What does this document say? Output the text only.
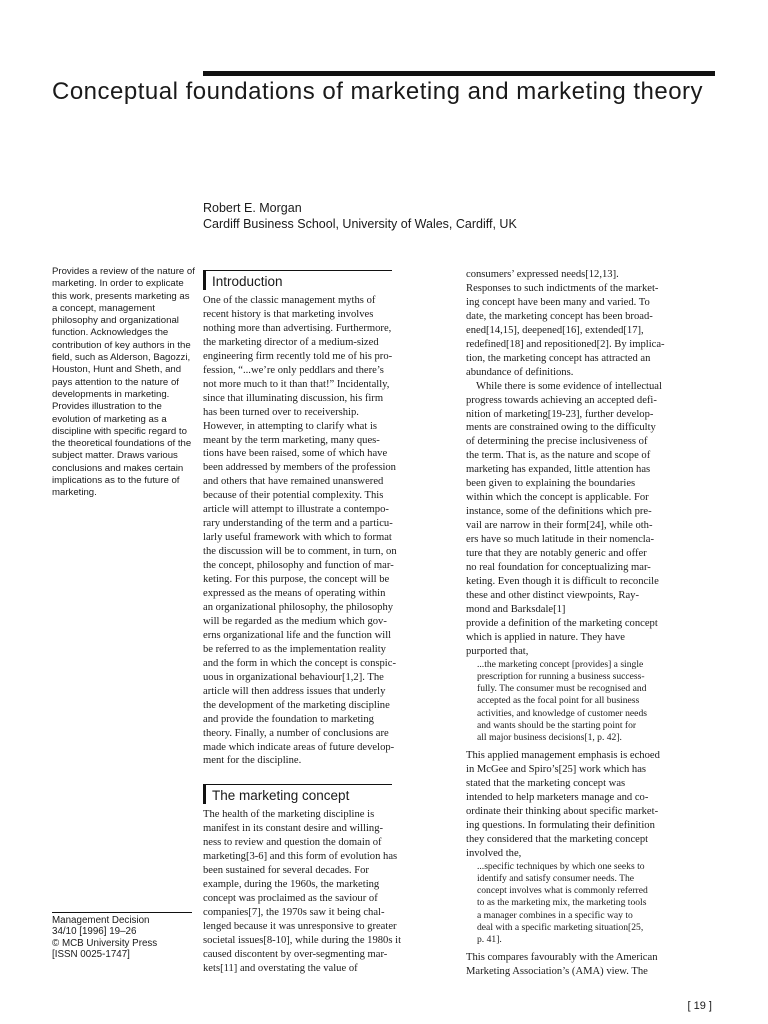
Conceptual foundations of marketing and marketing theory
Robert E. Morgan
Cardiff Business School, University of Wales, Cardiff, UK

Provides a review of the nature of marketing. In order to explicate this work, presents marketing as a concept, management philosophy and organizational function. Acknowledges the contribution of key authors in the field, such as Alderson, Bagozzi, Houston, Hunt and Sheth, and pays attention to the nature of developments in marketing. Provides illustration to the evolution of marketing as a discipline with specific regard to the theoretical foundations of the subject matter. Draws various conclusions and makes certain implications as to the future of marketing.

Introduction
One of the classic management myths of
recent history is that marketing involves
nothing more than advertising. Furthermore,
the marketing director of a medium-sized
engineering firm recently told me of his pro-
fession, “...we’re only peddlars and there’s
not more much to it than that!” Incidentally,
since that illuminating discussion, his firm
has been turned over to receivership.
However, in attempting to clarify what is
meant by the term marketing, many ques-
tions have been raised, some of which have
been addressed by members of the profession
and others that have remained unanswered
because of their potential complexity. This
article will attempt to illustrate a contempo-
rary understanding of the term and a particu-
larly useful framework with which to format
the discussion will be to comment, in turn, on
the concept, philosophy and function of mar-
keting. For this purpose, the concept will be
expressed as the means of operating within
an organizational philosophy, the philosophy
will be regarded as the medium which gov-
erns organizational life and the function will
be referred to as the implementation reality
and the form in which the concept is conspic-
uous in organizational behaviour[1,2]. The
article will then address issues that underly
the development of the marketing discipline
and provide the foundation to marketing
theory. Finally, a number of conclusions are
made which indicate areas of future develop-
ment for the discipline.
The marketing concept
The health of the marketing discipline is
manifest in its constant desire and willing-
ness to review and question the domain of
marketing[3-6] and this form of evolution has
been sustained for several decades. For
example, during the 1960s, the marketing
concept was proclaimed as the saviour of
companies[7], the 1970s saw it being chal-
lenged because it was unresponsive to greater
societal issues[8-10], while during the 1980s it
caused discontent by over-segmenting mar-
kets[11] and overstating the value of
consumers’ expressed needs[12,13].
Responses to such indictments of the market-
ing concept have been many and varied. To
date, the marketing concept has been broad-
ened[14,15], deepened[16], extended[17],
redefined[18] and repositioned[2]. By implica-
tion, the marketing concept has attracted an
abundance of definitions.
While there is some evidence of intellectual
progress towards achieving an accepted defi-
nition of marketing[19-23], further develop-
ments are constrained owing to the difficulty
of determining the precise inclusiveness of
the term. That is, as the nature and scope of
marketing has expanded, little attention has
been given to explaining the boundaries
within which the concept is applicable. For
instance, some of the definitions which pre-
vail are narrow in their form[24], while oth-
ers have so much latitude in their nomencla-
ture that they are notably generic and offer
no real foundation for conceptualizing mar-
keting. Even though it is difficult to reconcile
these and other distinct viewpoints, Ray-
mond and Barksdale[1]
provide a definition of the marketing concept
which is applied in nature. They have
purported that,
...the marketing concept [provides] a single
prescription for running a business success-
fully. The consumer must be recognised and
accepted as the focal point for all business
activities, and knowledge of customer needs
and wants should be the starting point for
all major business decisions[1, p. 42].
This applied management emphasis is echoed
in McGee and Spiro’s[25] work which has
stated that the marketing concept was
intended to help marketers manage and co-
ordinate their thinking about specific market-
ing questions. In formulating their definition
they considered that the marketing concept
involved the,
...specific techniques by which one seeks to
identify and satisfy consumer needs. The
concept involves what is commonly referred
to as the marketing mix, the marketing tools
a manager combines in a specific way to
deal with a specific marketing situation[25,
p. 41].
This compares favourably with the American
Marketing Association’s (AMA) view. The
Management Decision
34/10 [1996] 19–26
© MCB University Press
[ISSN 0025-1747]
[ 19 ]
